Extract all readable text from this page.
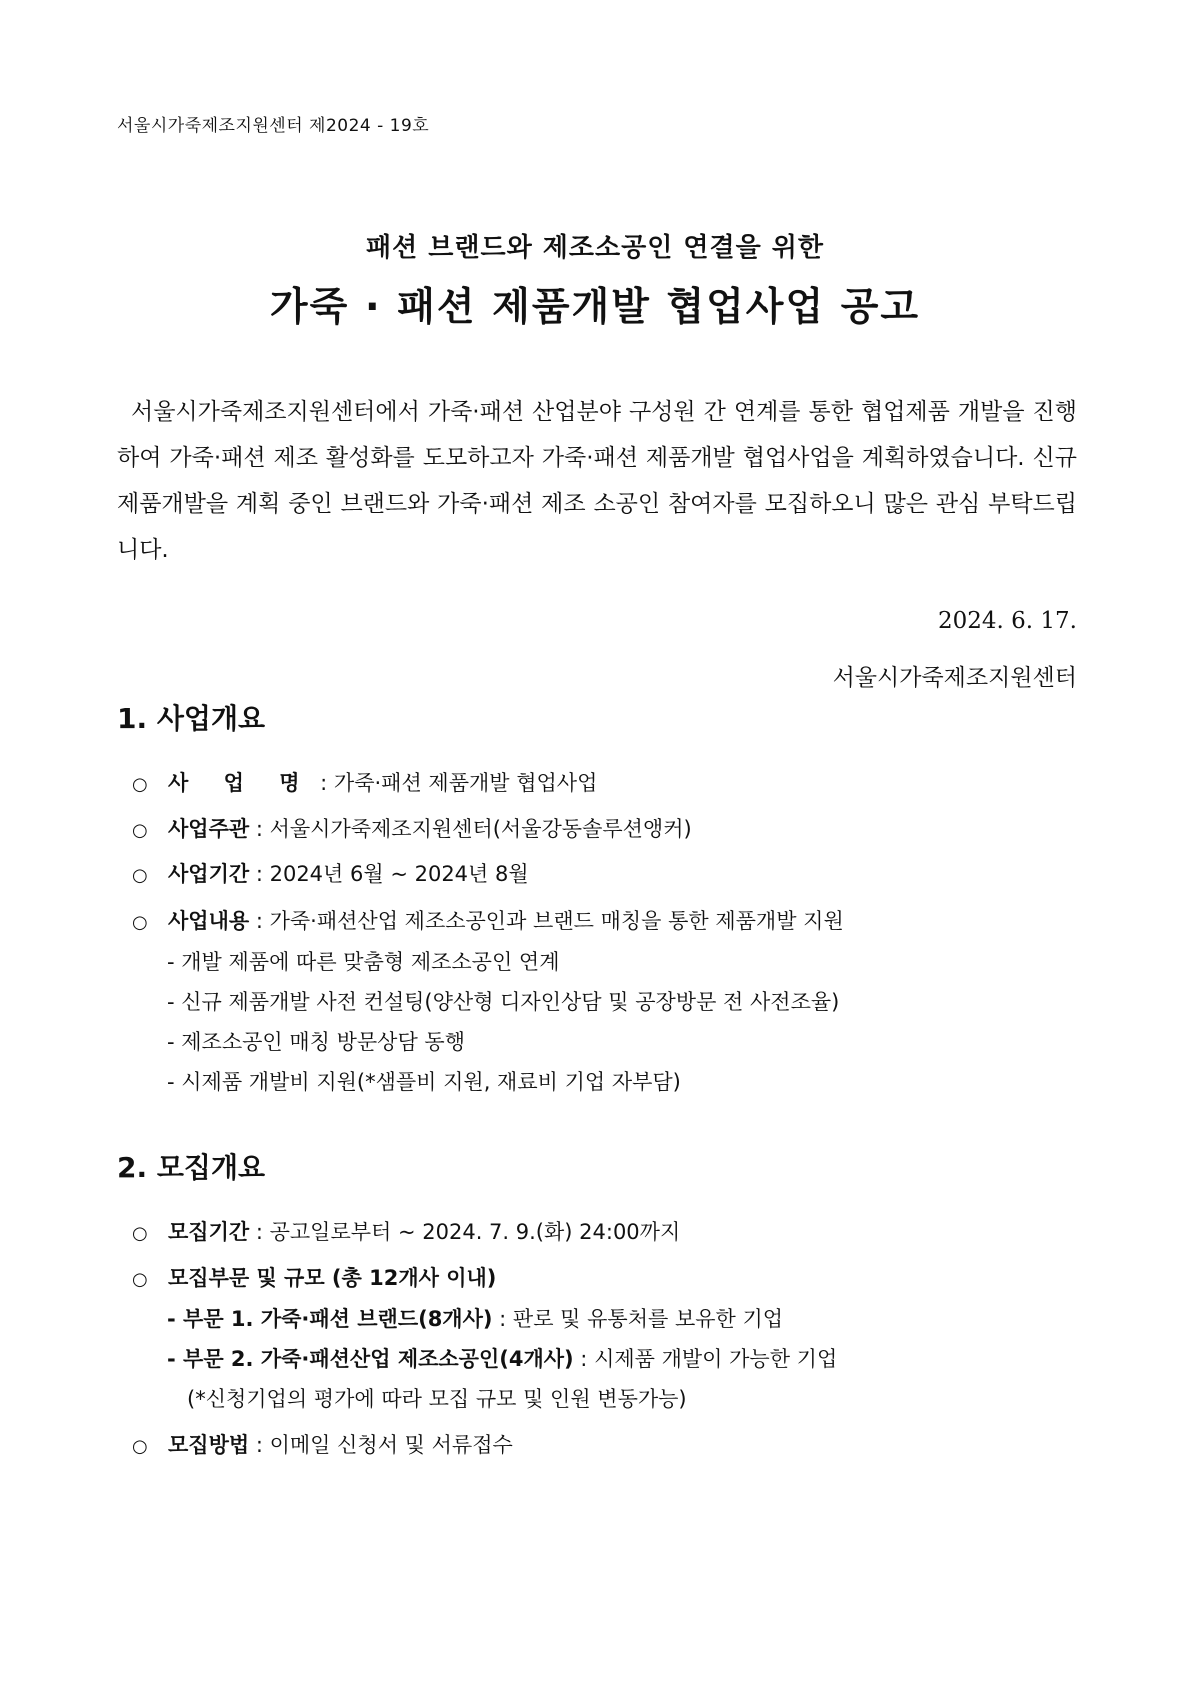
서울시가죽제조지원센터 제2024 - 19호
패션 브랜드와 제조소공인 연결을 위한
가죽 · 패션 제품개발 협업사업 공고

서울시가죽제조지원센터에서 가죽·패션 산업분야 구성원 간 연계를 통한 협업제품 개발을 진행하여 가죽·패션 제조 활성화를 도모하고자 가죽·패션 제품개발 협업사업을 계획하였습니다. 신규 제품개발을 계획 중인 브랜드와 가죽·패션 제조 소공인 참여자를 모집하오니 많은 관심 부탁드립니다.

2024. 6. 17.
서울시가죽제조지원센터
1. 사업개요
○ 사 업 명 : 가죽·패션 제품개발 협업사업
○ 사업주관 : 서울시가죽제조지원센터(서울강동솔루션앵커)
○ 사업기간 : 2024년 6월 ~ 2024년 8월
○ 사업내용 : 가죽·패션산업 제조소공인과 브랜드 매칭을 통한 제품개발 지원
- 개발 제품에 따른 맞춤형 제조소공인 연계
- 신규 제품개발 사전 컨설팅(양산형 디자인상담 및 공장방문 전 사전조율)
- 제조소공인 매칭 방문상담 동행
- 시제품 개발비 지원(*샘플비 지원, 재료비 기업 자부담)
2. 모집개요
○ 모집기간 : 공고일로부터 ~ 2024. 7. 9.(화) 24:00까지
○ 모집부문 및 규모 (총 12개사 이내)
- 부문 1. 가죽·패션 브랜드(8개사) : 판로 및 유통처를 보유한 기업
- 부문 2. 가죽·패션산업 제조소공인(4개사) : 시제품 개발이 가능한 기업
(*신청기업의 평가에 따라 모집 규모 및 인원 변동가능)
○ 모집방법 : 이메일 신청서 및 서류접수
